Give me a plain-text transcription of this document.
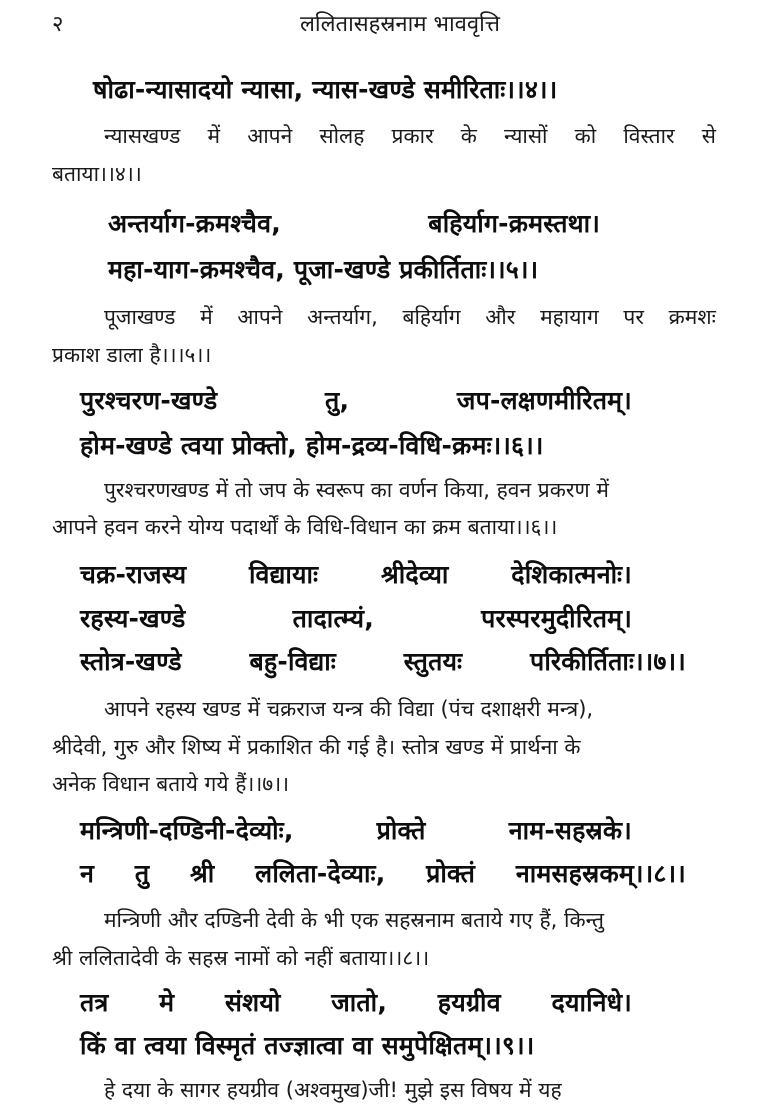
२	ललितासहस्रनाम भाववृत्ति
षोढा-न्यासादयो न्यासा, न्यास-खण्डे समीरिताः।।४।।
न्यासखण्ड में आपने सोलह प्रकार के न्यासों को विस्तार से
बताया।।४।।
अन्तर्याग-क्रमश्चैव,	बहिर्याग-क्रमस्तथा।
महा-याग-क्रमश्चैव, पूजा-खण्डे प्रकीर्तिताः।।५।।
पूजाखण्ड में आपने अन्तर्याग, बहिर्याग और महायाग पर क्रमशः
प्रकाश डाला है।।।५।।
पुरश्चरण-खण्डे	तु,	जप-लक्षणमीरितम्।
होम-खण्डे त्वया प्रोक्तो, होम-द्रव्य-विधि-क्रमः।।६।।
पुरश्चरणखण्ड में तो जप के स्वरूप का वर्णन किया, हवन प्रकरण में
आपने हवन करने योग्य पदार्थों के विधि-विधान का क्रम बताया।।६।।
चक्र-राजस्य	विद्यायाः	श्रीदेव्या	देशिकात्मनोः।
रहस्य-खण्डे	तादात्म्यं,	परस्परमुदीरितम्।
स्तोत्र-खण्डे	बहु-विद्याः	स्तुतयः	परिकीर्तिताः।।७।।
आपने रहस्य खण्ड में चक्रराज यन्त्र की विद्या (पंच दशाक्षरी मन्त्र),
श्रीदेवी, गुरु और शिष्य में प्रकाशित की गई है। स्तोत्र खण्ड में प्रार्थना के
अनेक विधान बताये गये हैं।।७।।
मन्त्रिणी-दण्डिनी-देव्योः,	प्रोक्ते	नाम-सहस्रके।
न तु श्री ललिता-देव्याः, प्रोक्तं नामसहस्रकम्।।८।।
मन्त्रिणी और दण्डिनी देवी के भी एक सहस्रनाम बताये गए हैं, किन्तु
श्री ललितादेवी के सहस्र नामों को नहीं बताया।।८।।
तत्र मे संशयो जातो, हयग्रीव दयानिधे।
किं वा त्वया विस्मृतं तज्ज्ञात्वा वा समुपेक्षितम्।।९।।
हे दया के सागर हयग्रीव (अश्वमुख)जी! मुझे इस विषय में यह
